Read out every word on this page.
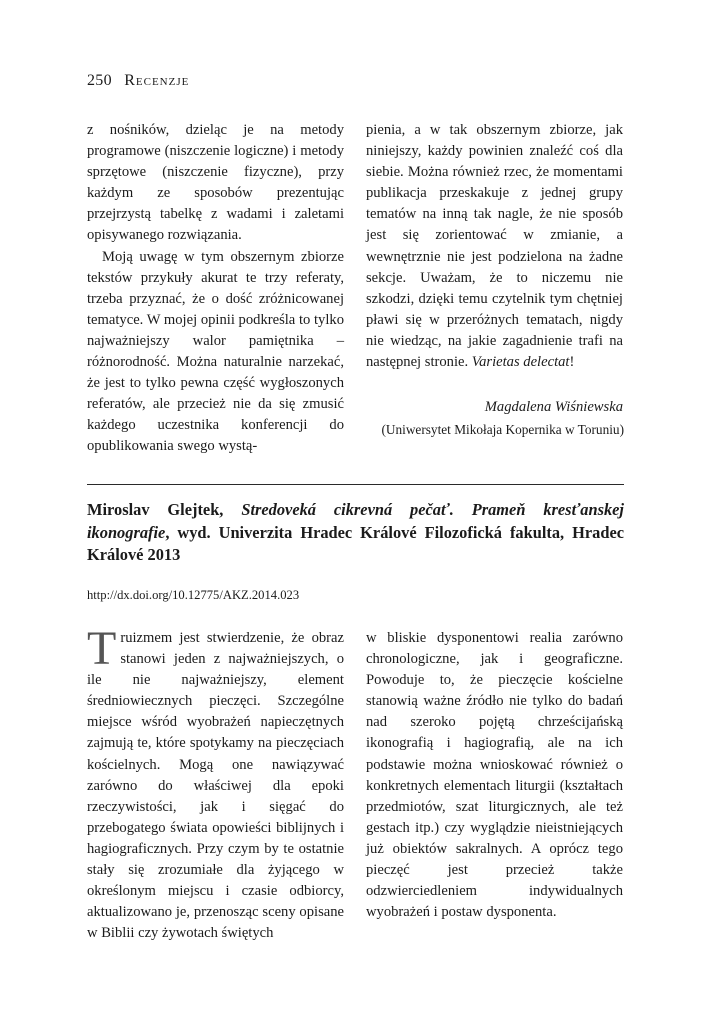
250 Recenzje

z nośników, dzieląc je na metody programowe (niszczenie logiczne) i metody sprzętowe (niszczenie fizyczne), przy każdym ze sposobów prezentując przejrzystą tabelkę z wadami i zaletami opisywanego rozwiązania.

Moją uwagę w tym obszernym zbiorze tekstów przykuły akurat te trzy referaty, trzeba przyznać, że o dość zróżnicowanej tematyce. W mojej opinii podkreśla to tylko najważniejszy walor pamiętnika – różnorodność. Można naturalnie narzekać, że jest to tylko pewna część wygłoszonych referatów, ale przecież nie da się zmusić każdego uczestnika konferencji do opublikowania swego wystą-

pienia, a w tak obszernym zbiorze, jak niniejszy, każdy powinien znaleźć coś dla siebie. Można również rzec, że momentami publikacja przeskakuje z jednej grupy tematów na inną tak nagle, że nie sposób jest się zorientować w zmianie, a wewnętrznie nie jest podzielona na żadne sekcje. Uważam, że to niczemu nie szkodzi, dzięki temu czytelnik tym chętniej pławi się w przeróżnych tematach, nigdy nie wiedząc, na jakie zagadnienie trafi na następnej stronie. Varietas delectat!

Magdalena Wiśniewska
(Uniwersytet Mikołaja Kopernika w Toruniu)
Miroslav Glejtek, Stredoveká cikrevná pečať. Prameň kresťanskej ikonografie, wyd. Univerzita Hradec Králové Filozofická fakulta, Hradec Králové 2013
http://dx.doi.org/10.12775/AKZ.2014.023

Truizmem jest stwierdzenie, że obraz stanowi jeden z najważniejszych, o ile nie najważniejszy, element średniowiecznych pieczęci. Szczególne miejsce wśród wyobrażeń napieczętnych zajmują te, które spotykamy na pieczęciach kościelnych. Mogą one nawiązywać zarówno do właściwej dla epoki rzeczywistości, jak i sięgać do przebogatego świata opowieści biblijnych i hagiograficznych. Przy czym by te ostatnie stały się zrozumiałe dla żyjącego w określonym miejscu i czasie odbiorcy, aktualizowano je, przenosząc sceny opisane w Biblii czy żywotach świętych

w bliskie dysponentowi realia zarówno chronologiczne, jak i geograficzne. Powoduje to, że pieczęcie kościelne stanowią ważne źródło nie tylko do badań nad szeroko pojętą chrześcijańską ikonografią i hagiografią, ale na ich podstawie można wnioskować również o konkretnych elementach liturgii (kształtach przedmiotów, szat liturgicznych, ale też gestach itp.) czy wyglądzie nieistniejących już obiektów sakralnych. A oprócz tego pieczęć jest przecież także odzwierciedleniem indywidualnych wyobrażeń i postaw dysponenta.
